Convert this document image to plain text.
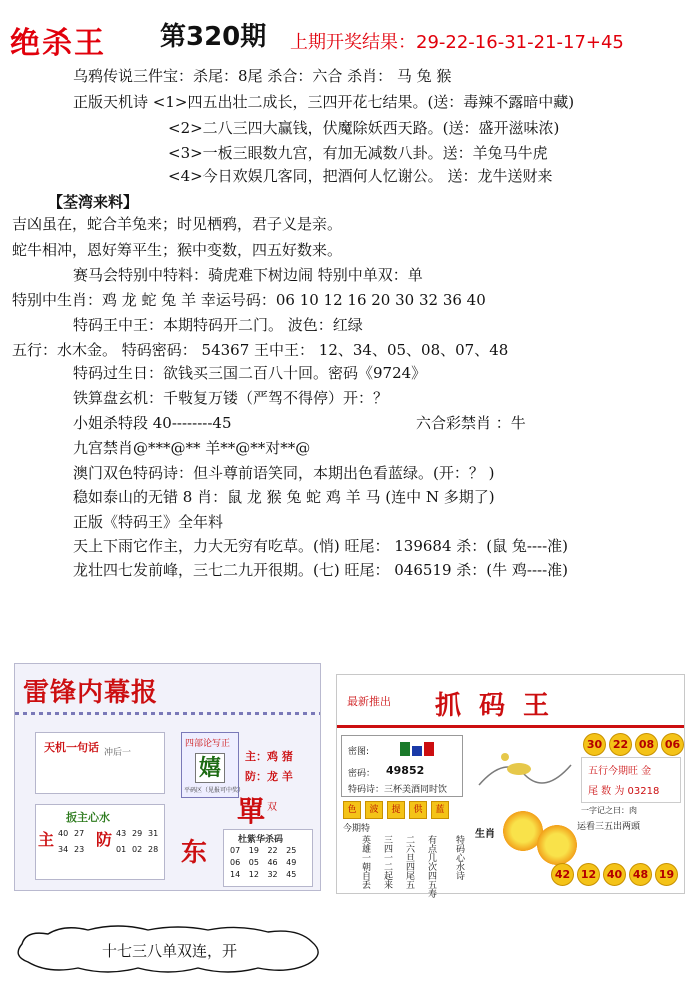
绝杀王 第320期 上期开奖结果：29-22-16-31-21-17+45
乌鸦传说三件宝：杀尾：8尾 杀合：六合 杀肖： 马 兔 猴
正版天机诗 <1>四五出壮二成长，三四开花七结果。(送：毒辣不露暗中藏)
<2>二八三四大赢钱，伏魔除妖西天路。(送：盛开滋味浓)
<3>一板三眼数九宫，有加无减数八卦。送：羊兔马牛虎
<4>今日欢娱几客同，把酒何人忆谢公。 送：龙牛送财来
【荃湾来料】
吉凶虽在，蛇合羊兔来；时见栖鸦，君子义是亲。
蛇牛相冲，恩好筹平生；猴中变数，四五好数来。
赛马会特别中特料：骑虎难下树边闹 特别中单双：单
特别中生肖：鸡 龙 蛇 兔 羊 幸运号码：06 10 12 16 20 30 32 36 40
特码王中王：本期特码开二门。 波色：红绿
五行：水木金。 特码密码： 54367 王中王： 12、34、05、08、07、48
特码过生日：欲钱买三国二百八十回。密码《9724》
铁算盘玄机：千㪏复万镂（严驾不得停）开：？
小姐杀特段 40--------45	六合彩禁肖 ：牛
九宫禁肖@***@** 羊**@**对**@
澳门双色特码诗：但斗尊前语笑同，本期出色看蓝绿。(开：？ )
稳如泰山的无错 8 肖：鼠 龙 猴 兔 蛇 鸡 羊 马 (连中 N 多期了)
正版《特码王》全年料
天上下雨它作主，力大无穷有吃草。(悄) 旺尾： 139684 杀：(鼠 兔----准)
龙壮四七发前峰，三七二九开很期。(七) 旺尾： 046519 杀：(牛 鸡----准)
雷锋内幕报
天机一句话 冲后一
扳主心水
主	防
40 27	43 29 31
34 23	01 02 28
四部论写正
嬉
平码区（见报可中奖）
主：鸡 猪
防：龙 羊
單 双
东	杜紫华杀码
07 19 22 25
06 05 46 49
14 12 32 45
最新推出 抓码王
密图:
密码： 49852
特码诗：三杯美酒同时饮
30 22 08 06
五行今期旺 金
尾 数 为 03218
色	波	提	供	蓝
今期特
英雄一朝自丢 三四一二起来 二六旦四尾五 有点几次四五寿 特码心水诗
生肖
一字记之曰：肉
运看三五出两頭
42 12 40 48 19
十七三八单双连，开
